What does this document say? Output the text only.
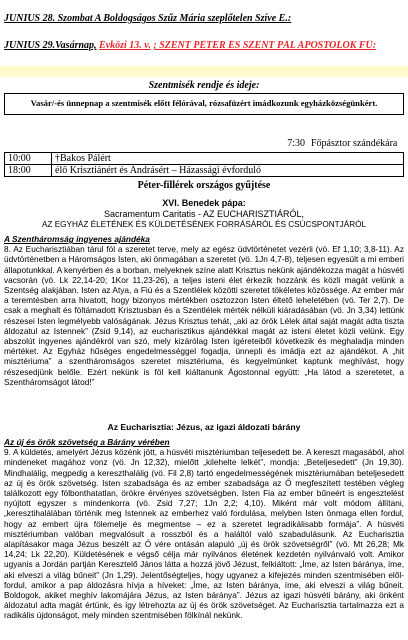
JÚNIUS 28. Szombat A Boldogságos Szűz Mária szeplőtelen Szíve E.:
JÚNIUS 29.Vasárnap, Évközi 13. v. ; SZENT PÉTER ÉS SZENT PÁL APOSTOLOK FŰ:
Szentmisék rendje és ideje:
Vasár/-és ünnepnap a szentmisék előtt félórával, rózsafüzért imádkozunk egyházközségünkért.
		7:30	Főpásztor szándékára
10:00	†Bakos Pálért
18:00	élő Krisztiánért és Andrásért – Házassági évforduló
Péter-fillérek országos gyűjtése
XVI. Benedek pápa:
Sacramentum Caritatis - AZ EUCHARISZTIÁRÓL,
AZ EGYHÁZ ÉLETÉNEK ÉS KÜLDETÉSÉNEK FORRÁSÁRÓL ÉS CSÚCSPONTJÁRÓL
A Szentháromság ingyenes ajándéka

8. Az Eucharisztiában tárul föl a szeretet terve, mely az egész üdvtörténetet vezérli (vö. Ef 1,10; 3,8-11). Az üdvtörténetben a Háromságos Isten, aki önmagában a szeretet (vö. 1Jn 4,7-8), teljesen egyesült a mi emberi állapotunkkal. A kenyérben és a borban, melyeknek színe alatt Krisztus nekünk ajándékozza magát a húsvéti vacsorán (vö. Lk 22,14-20; 1Kor 11,23-26), a teljes isteni élet érkezik hozzánk és közli magát velünk a Szentség alakjában. Isten az Atya, a Fiú és a Szentlélek közötti szeretet tökéletes közössége. Az ember már a teremtésben arra hivatott, hogy bizonyos mértékben osztozzon Isten éltető leheletében (vö. Ter 2,7). De csak a meghalt és föltámadott Krisztusban és a Szentlélek mérték nélküli kiáradásában (vö. Jn 3,34) lettünk részesei Isten legmélyebb valóságának. Jézus Krisztus tehát, „aki az örök Lélek által saját magát adta tiszta áldozatul az Istennek” (Zsid 9,14), az eucharisztikus ajándékkal magát az isteni életet közli velünk. Egy abszolút ingyenes ajándékról van szó, mely kizárólag Isten ígéreteiből következik és meghaladja minden mértéket. Az Egyház hűséges engedelmességgel fogadja, ünnepli és imádja ezt az ajándékot. A „hit misztériuma” a szentháromságos szeretet misztériuma, és kegyelmünket kaptunk meghívást, hogy részesedjünk belőle. Ezért nekünk is föl kell kiáltanunk Ágostonnal együtt: „Ha látod a szeretetet, a Szentháromságot látod!”

Az Eucharisztia: Jézus, az igazi áldozati bárány
Az új és örök szövetség a Bárány vérében

9. A küldetés, amelyért Jézus közénk jött, a húsvéti misztériumban teljesedett be. A kereszt magasából, ahol mindeneket magához vonz (vö. Jn 12,32), mielőtt „kilehelte lelkét”, mondja: „Beteljesedett” (Jn 19,30). Mindhalálig, megpedig a kereszthalálig (vö. Fil 2,8) tartó engedelmességének misztériumában beteljesedett az új és örök szövetség. Isten szabadsága és az ember szabadsága az Ő megfeszített testében végleg találkozott egy fölbonthatatlan, örökre érvényes szövetségben. Isten Fia az ember bűneért is engesztelést nyújtott egyszer s mindenkorra (vö. Zsid 7,27; 1Jn 2,2; 4,10). Miként már volt módom állítani, „keresztihalálában történik meg Istennek az emberhez való fordulása, melyben Isten önmaga ellen fordul, hogy az embert újra fölemelje és megmentse – ez a szeretet legradikálisabb formája”. A húsvéti misztériumban valóban megvalósult a rosszból és a haláltól való szabadulásunk. Az Eucharisztia alapításakor maga Jézus beszélt az Ő vére ontásán alapuló „új és örök szövetségről” (vö. Mt 26,28; Mk 14,24; Lk 22,20). Küldetésének e végső célja már nyilvános életének kezdetén nyilvánvaló volt. Amikor ugyanis a Jordán partján Keresztelő János látta a hozzá jövő Jézust, felkiáltott: „Íme, az Isten báránya, íme, aki elveszi a világ bűneit” (Jn 1,29). Jelentőségteljes, hogy ugyanez a kifejezés minden szentmisében előlfordul, amikor a pap áldozásra hívja a híveket: „Íme, az Isten báránya, íme, aki elveszi a világ bűneit. Boldogok, akiket meghív lakomájára Jézus, az Isten báránya”. Jézus az igazi húsvéti bárány, aki önként áldozatul adta magát értünk, és így létrehozta az új és örök szövetséget. Az Eucharisztia tartalmazza ezt a radikális újdonságot, mely minden szentmisében fölkínál nekünk.
